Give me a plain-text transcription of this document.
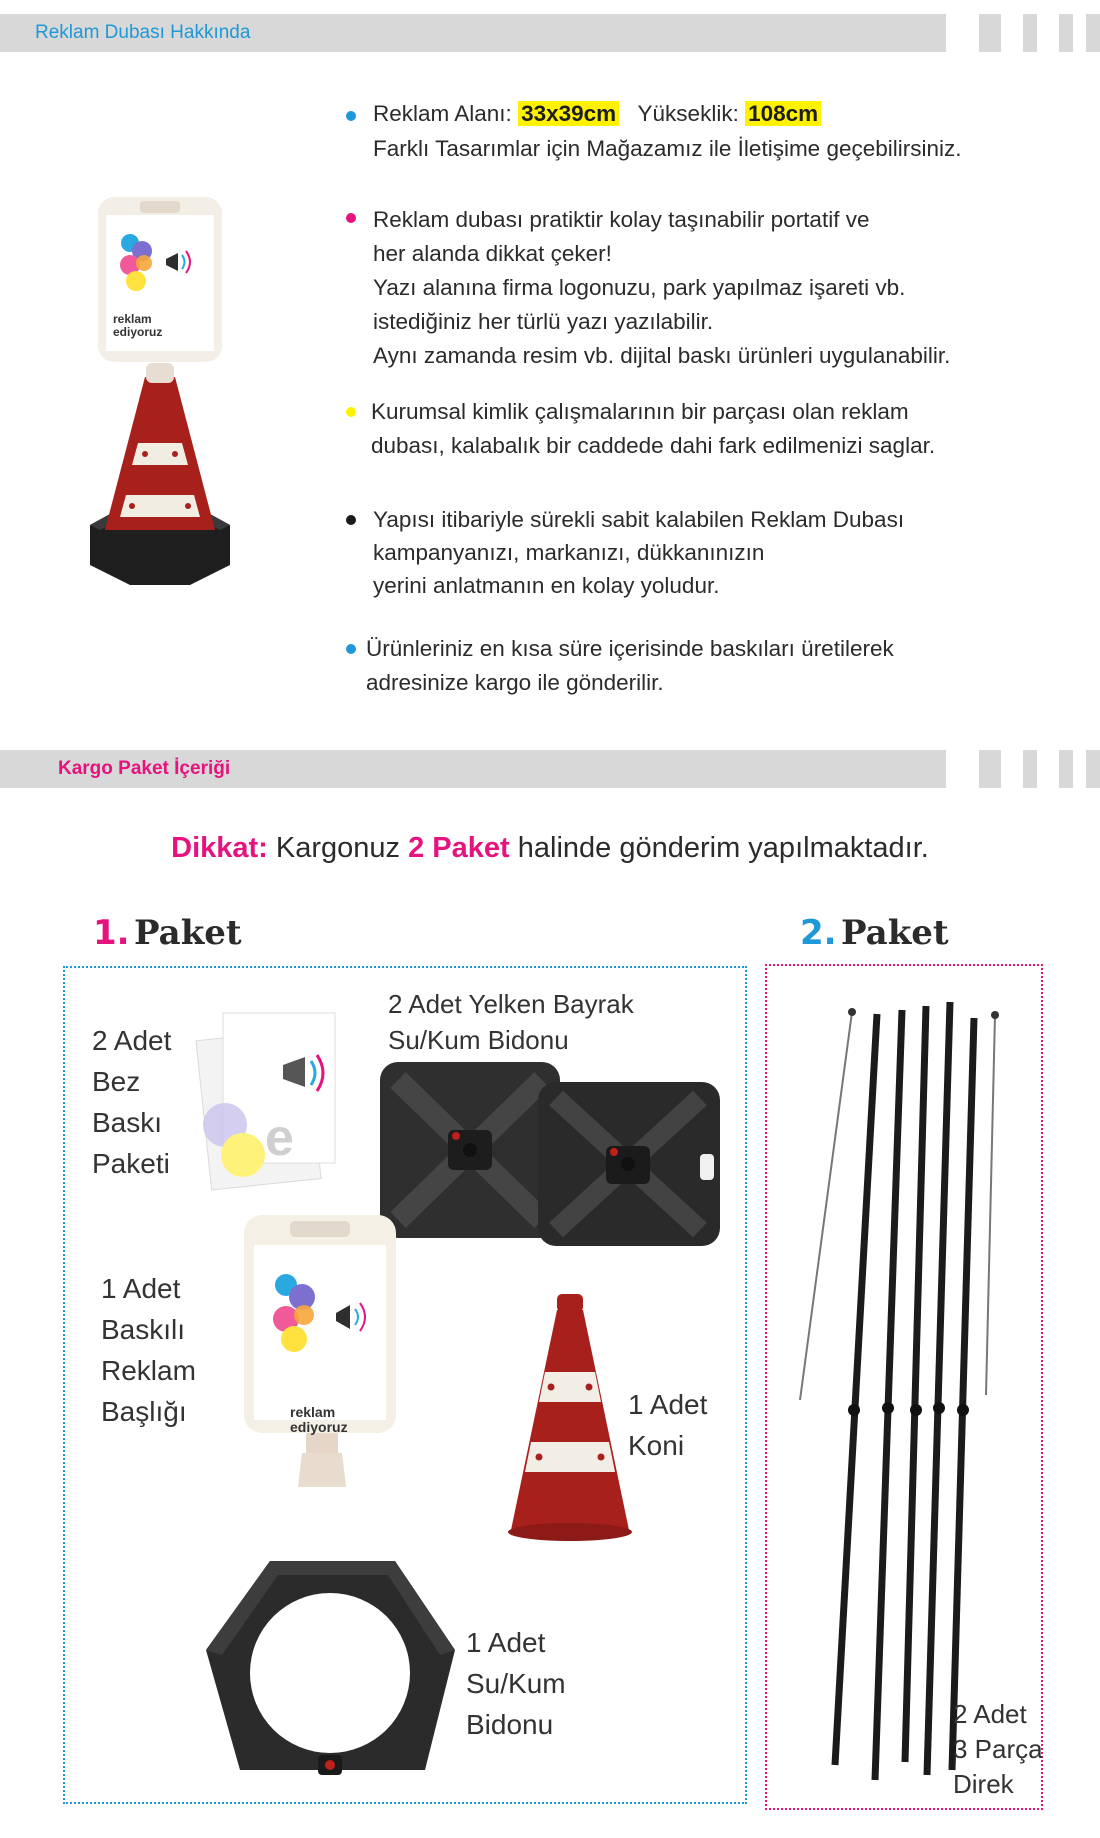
Reklam Dubası Hakkında
reklam
ediyoruz
Reklam Alanı: 33x39cm Yükseklik: 108cm
Farklı Tasarımlar için Mağazamız ile İletişime geçebilirsiniz.
Reklam dubası pratiktir kolay taşınabilir portatif ve
her alanda dikkat çeker!
Yazı alanına firma logonuzu, park yapılmaz işareti vb.
istediğiniz her türlü yazı yazılabilir.
Aynı zamanda resim vb. dijital baskı ürünleri uygulanabilir.
Kurumsal kimlik çalışmalarının bir parçası olan reklam
dubası, kalabalık bir caddede dahi fark edilmenizi saglar.
Yapısı itibariyle sürekli sabit kalabilen Reklam Dubası
kampanyanızı, markanızı, dükkanınızın
yerini anlatmanın en kolay yoludur.
Ürünleriniz en kısa süre içerisinde baskıları üretilerek
adresinize kargo ile gönderilir.
Kargo Paket İçeriği
Dikkat: Kargonuz 2 Paket halinde gönderim yapılmaktadır.
1. Paket	2. Paket
e
reklam
ediyoruz
2 Adet
Bez
Baskı
Paketi
2 Adet Yelken Bayrak
Su/Kum Bidonu
1 Adet
Baskılı
Reklam
Başlığı	1 Adet
Koni
1 Adet
Su/Kum
Bidonu	2 Adet
3 Parça
Direk
